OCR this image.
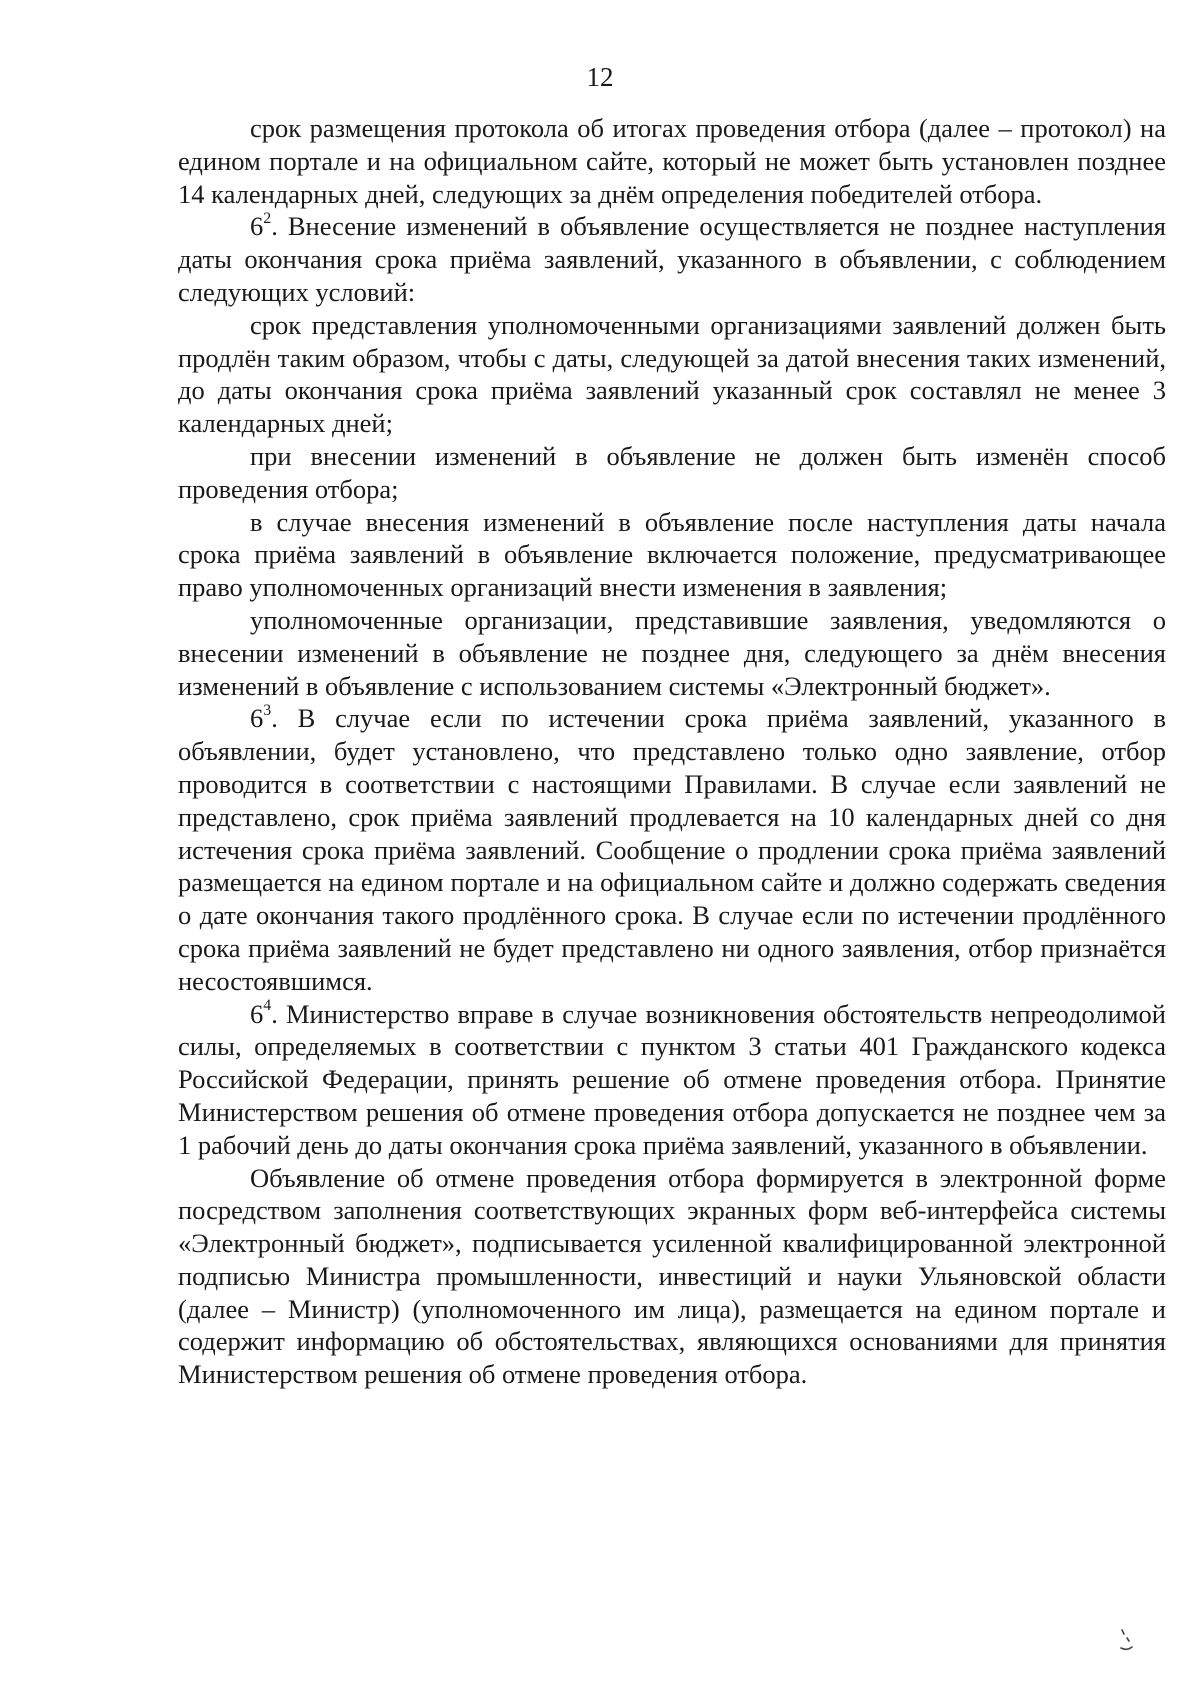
12

срок размещения протокола об итогах проведения отбора (далее – протокол) на едином портале и на официальном сайте, который не может быть установлен позднее 14 календарных дней, следующих за днём определения победителей отбора.

$6^2$. Внесение изменений в объявление осуществляется не позднее наступления даты окончания срока приёма заявлений, указанного в объявлении, с соблюдением следующих условий:

срок представления уполномоченными организациями заявлений должен быть продлён таким образом, чтобы с даты, следующей за датой внесения таких изменений, до даты окончания срока приёма заявлений указанный срок составлял не менее 3 календарных дней;

при внесении изменений в объявление не должен быть изменён способ проведения отбора;

в случае внесения изменений в объявление после наступления даты начала срока приёма заявлений в объявление включается положение, предусматривающее право уполномоченных организаций внести изменения в заявления;

уполномоченные организации, представившие заявления, уведомляются о внесении изменений в объявление не позднее дня, следующего за днём внесения изменений в объявление с использованием системы «Электронный бюджет».

$6^3$. В случае если по истечении срока приёма заявлений, указанного в объявлении, будет установлено, что представлено только одно заявление, отбор проводится в соответствии с настоящими Правилами. В случае если заявлений не представлено, срок приёма заявлений продлевается на 10 календарных дней со дня истечения срока приёма заявлений. Сообщение о продлении срока приёма заявлений размещается на едином портале и на официальном сайте и должно содержать сведения о дате окончания такого продлённого срока. В случае если по истечении продлённого срока приёма заявлений не будет представлено ни одного заявления, отбор признаётся несостоявшимся.

$6^4$. Министерство вправе в случае возникновения обстоятельств непреодолимой силы, определяемых в соответствии с пунктом 3 статьи 401 Гражданского кодекса Российской Федерации, принять решение об отмене проведения отбора. Принятие Министерством решения об отмене проведения отбора допускается не позднее чем за 1 рабочий день до даты окончания срока приёма заявлений, указанного в объявлении.

Объявление об отмене проведения отбора формируется в электронной форме посредством заполнения соответствующих экранных форм веб-интерфейса системы «Электронный бюджет», подписывается усиленной квалифицированной электронной подписью Министра промышленности, инвестиций и науки Ульяновской области (далее – Министр) (уполномоченного им лица), размещается на едином портале и содержит информацию об обстоятельствах, являющихся основаниями для принятия Министерством решения об отмене проведения отбора.
